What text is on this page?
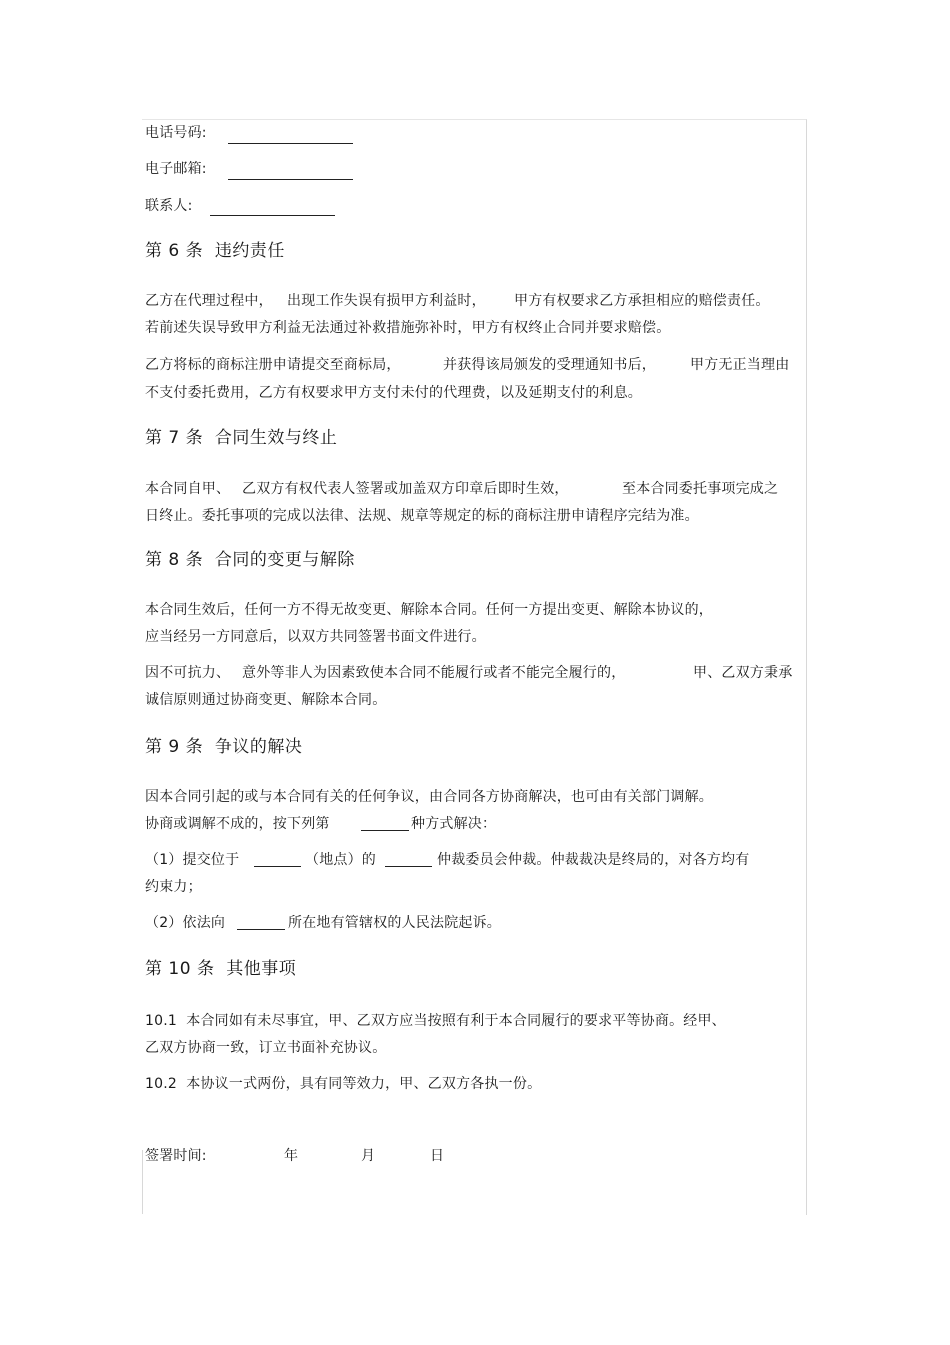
电话号码:
电子邮箱:
联系人:
第 6 条  违约责任
乙方在代理过程中， 出现工作失误有损甲方利益时， 甲方有权要求乙方承担相应的赔偿责任。
若前述失误导致甲方利益无法通过补救措施弥补时，甲方有权终止合同并要求赔偿。
乙方将标的商标注册申请提交至商标局，	并获得该局颁发的受理通知书后， 甲方无正当理由
不支付委托费用，乙方有权要求甲方支付未付的代理费，以及延期支付的利息。
第 7 条  合同生效与终止
本合同自甲、 乙双方有权代表人签署或加盖双方印章后即时生效，	至本合同委托事项完成之
日终止。委托事项的完成以法律、法规、规章等规定的标的商标注册申请程序完结为准。
第 8 条  合同的变更与解除
本合同生效后，任何一方不得无故变更、解除本合同。任何一方提出变更、解除本协议的，
应当经另一方同意后，以双方共同签署书面文件进行。
因不可抗力、 意外等非人为因素致使本合同不能履行或者不能完全履行的，	甲、乙双方秉承
诚信原则通过协商变更、解除本合同。
第 9 条  争议的解决
因本合同引起的或与本合同有关的任何争议，由合同各方协商解决，也可由有关部门调解。
协商或调解不成的，按下列第	种方式解决：
（1）提交位于	（地点）的	仲裁委员会仲裁。仲裁裁决是终局的，对各方均有
约束力；
（2）依法向	所在地有管辖权的人民法院起诉。
第 10 条  其他事项
10.1  本合同如有未尽事宜，甲、乙双方应当按照有利于本合同履行的要求平等协商。经甲、
乙双方协商一致，订立书面补充协议。
10.2  本协议一式两份，具有同等效力，甲、乙双方各执一份。
签署时间:	年	月	日
